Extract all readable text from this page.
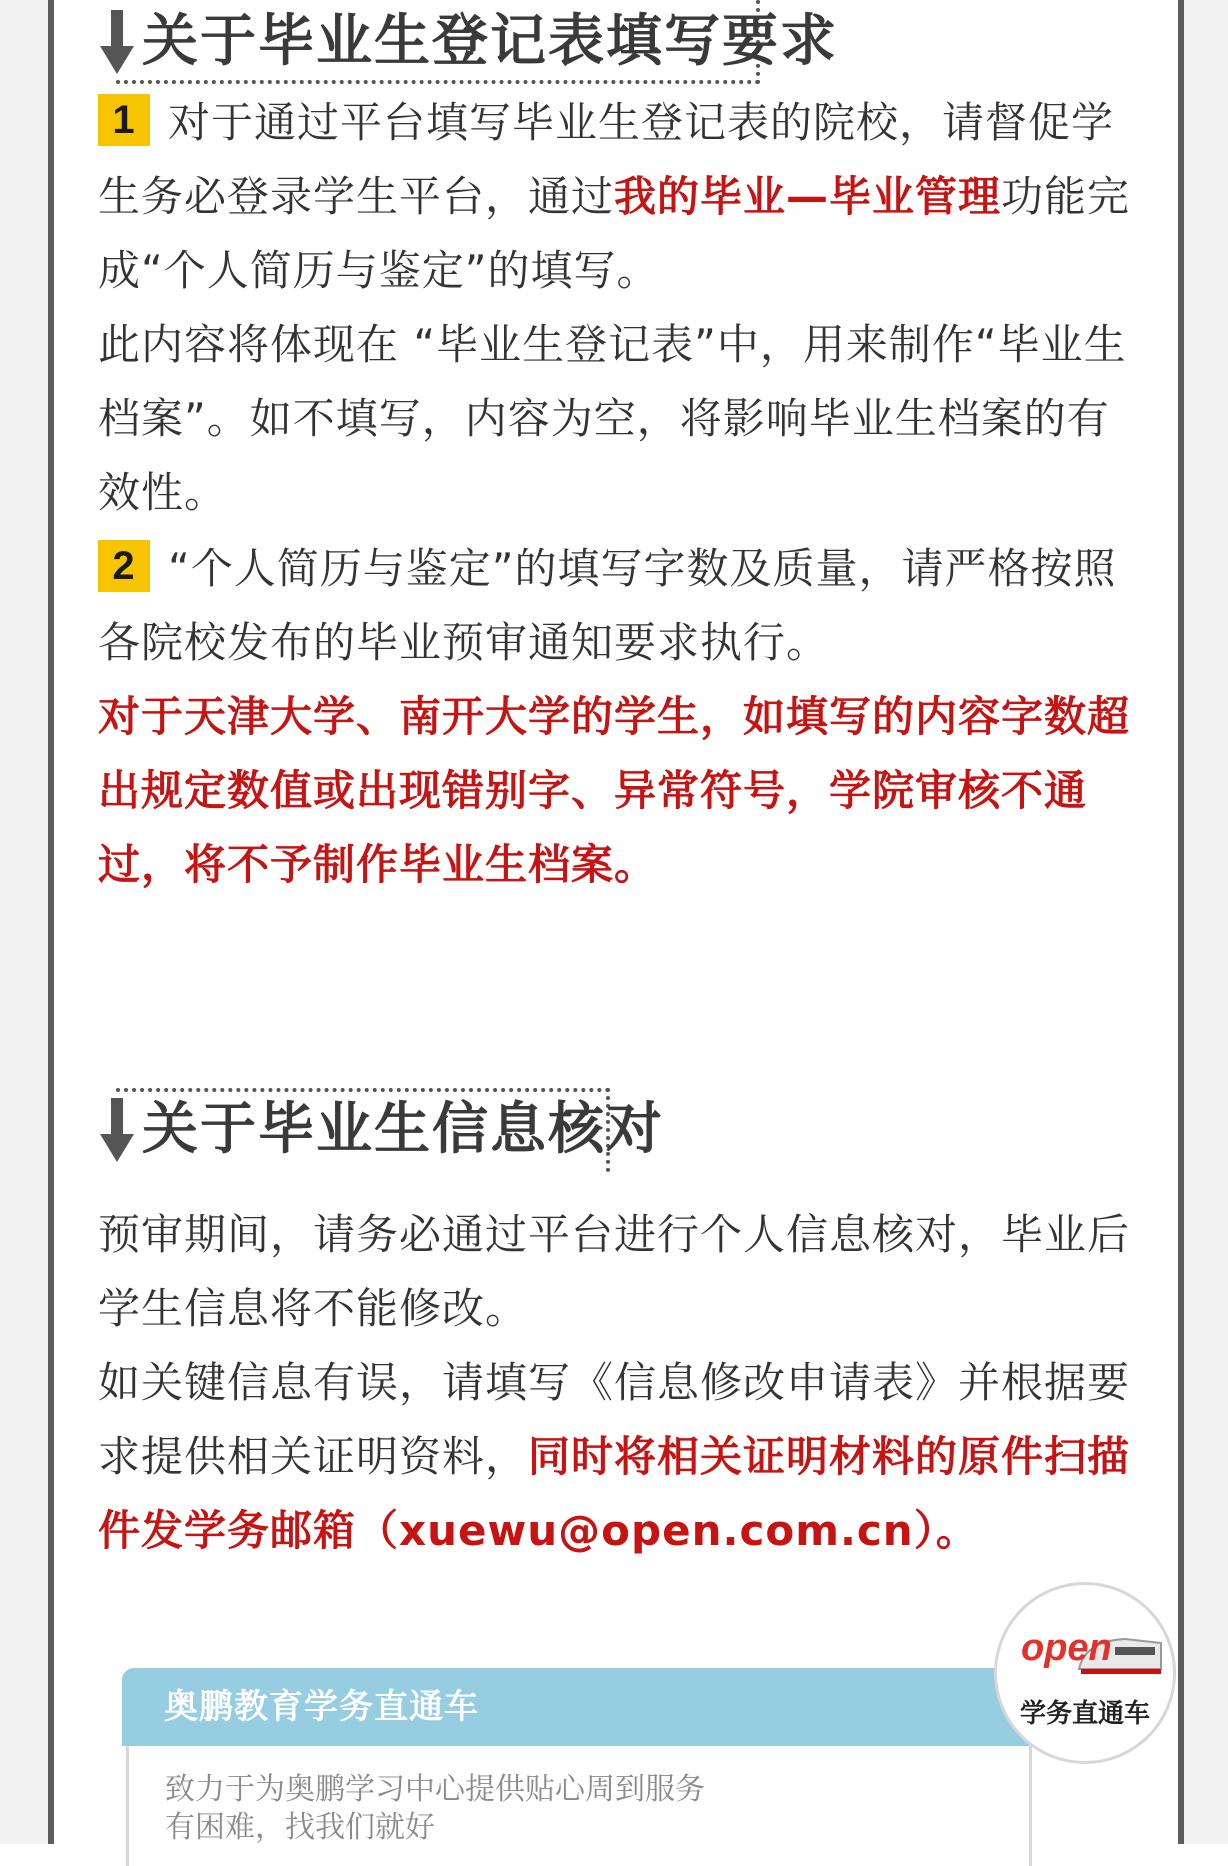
关于毕业生登记表填写要求
1 对于通过平台填写毕业生登记表的院校，请督促学生务必登录学生平台，通过我的毕业—毕业管理功能完成“个人简历与鉴定”的填写。
此内容将体现在 “毕业生登记表”中，用来制作“毕业生档案”。如不填写，内容为空，将影响毕业生档案的有效性。
2 “个人简历与鉴定”的填写字数及质量，请严格按照各院校发布的毕业预审通知要求执行。
对于天津大学、南开大学的学生，如填写的内容字数超出规定数值或出现错别字、异常符号，学院审核不通过，将不予制作毕业生档案。
关于毕业生信息核对
预审期间，请务必通过平台进行个人信息核对，毕业后学生信息将不能修改。
如关键信息有误，请填写《信息修改申请表》并根据要求提供相关证明资料，同时将相关证明材料的原件扫描件发学务邮箱（xuewu@open.com.cn）。
奥鹏教育学务直通车
致力于为奥鹏学习中心提供贴心周到服务
有困难，找我们就好
open
学务直通车
